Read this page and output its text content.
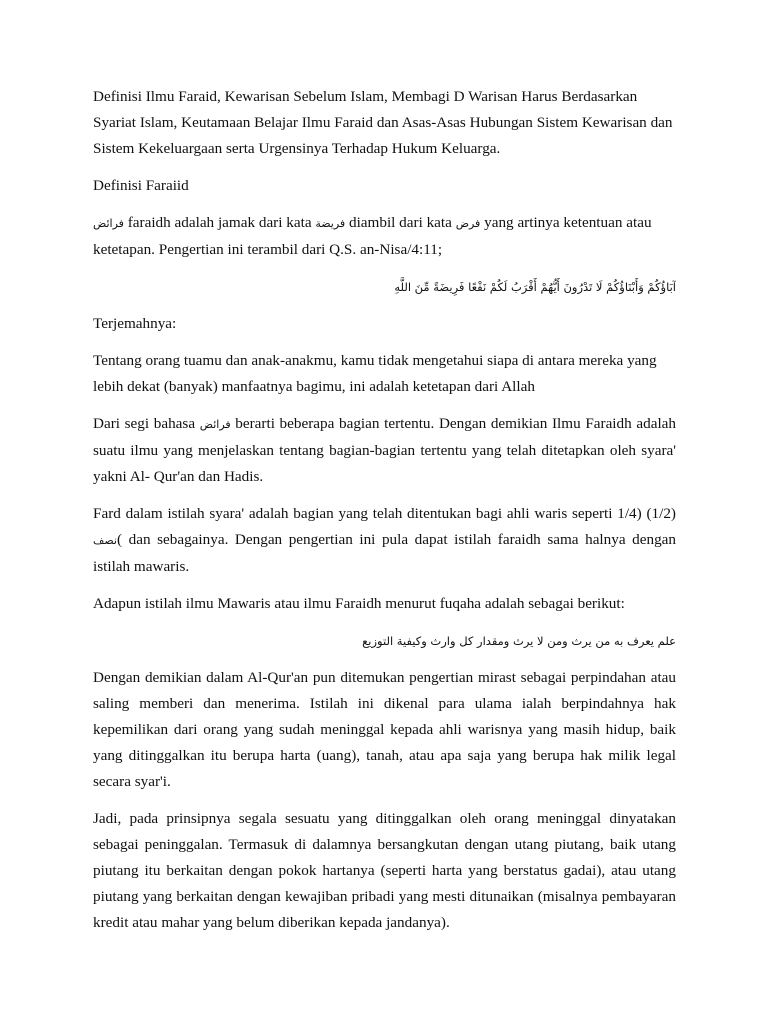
Definisi Ilmu Faraid, Kewarisan Sebelum Islam, Membagi D Warisan Harus Berdasarkan Syariat Islam, Keutamaan Belajar Ilmu Faraid dan Asas-Asas Hubungan Sistem Kewarisan dan Sistem Kekeluargaan serta Urgensinya Terhadap Hukum Keluarga.

Definisi Faraiid

فرائض faraidh adalah jamak dari kata فريضة diambil dari kata فرض yang artinya ketentuan atau ketetapan. Pengertian ini terambil dari Q.S. an-Nisa/4:11;

آبَاؤُكُمْ وَأَبْنَاؤُكُمْ لَا تَدْرُونَ أَيُّهُمْ أَقْرَبُ لَكُمْ نَفْعًا فَرِيضَةً مِّنَ اللَّهِ

Terjemahnya:

Tentang orang tuamu dan anak-anakmu, kamu tidak mengetahui siapa di antara mereka yang lebih dekat (banyak) manfaatnya bagimu, ini adalah ketetapan dari Allah

Dari segi bahasa فرائض berarti beberapa bagian tertentu. Dengan demikian Ilmu Faraidh adalah suatu ilmu yang menjelaskan tentang bagian-bagian tertentu yang telah ditetapkan oleh syara' yakni Al- Qur'an dan Hadis.

Fard dalam istilah syara' adalah bagian yang telah ditentukan bagi ahli waris seperti 1/4) (1/2) نصف( dan sebagainya. Dengan pengertian ini pula dapat istilah faraidh sama halnya dengan istilah mawaris.

Adapun istilah ilmu Mawaris atau ilmu Faraidh menurut fuqaha adalah sebagai berikut:

علم يعرف به من يرث ومن لا يرث ومقدار كل وارث وكيفية التوزيع

Dengan demikian dalam Al-Qur'an pun ditemukan pengertian mirast sebagai perpindahan atau saling memberi dan menerima. Istilah ini dikenal para ulama ialah berpindahnya hak kepemilikan dari orang yang sudah meninggal kepada ahli warisnya yang masih hidup, baik yang ditinggalkan itu berupa harta (uang), tanah, atau apa saja yang berupa hak milik legal secara syar'i.

Jadi, pada prinsipnya segala sesuatu yang ditinggalkan oleh orang meninggal dinyatakan sebagai peninggalan. Termasuk di dalamnya bersangkutan dengan utang piutang, baik utang piutang itu berkaitan dengan pokok hartanya (seperti harta yang berstatus gadai), atau utang piutang yang berkaitan dengan kewajiban pribadi yang mesti ditunaikan (misalnya pembayaran kredit atau mahar yang belum diberikan kepada jandanya).
